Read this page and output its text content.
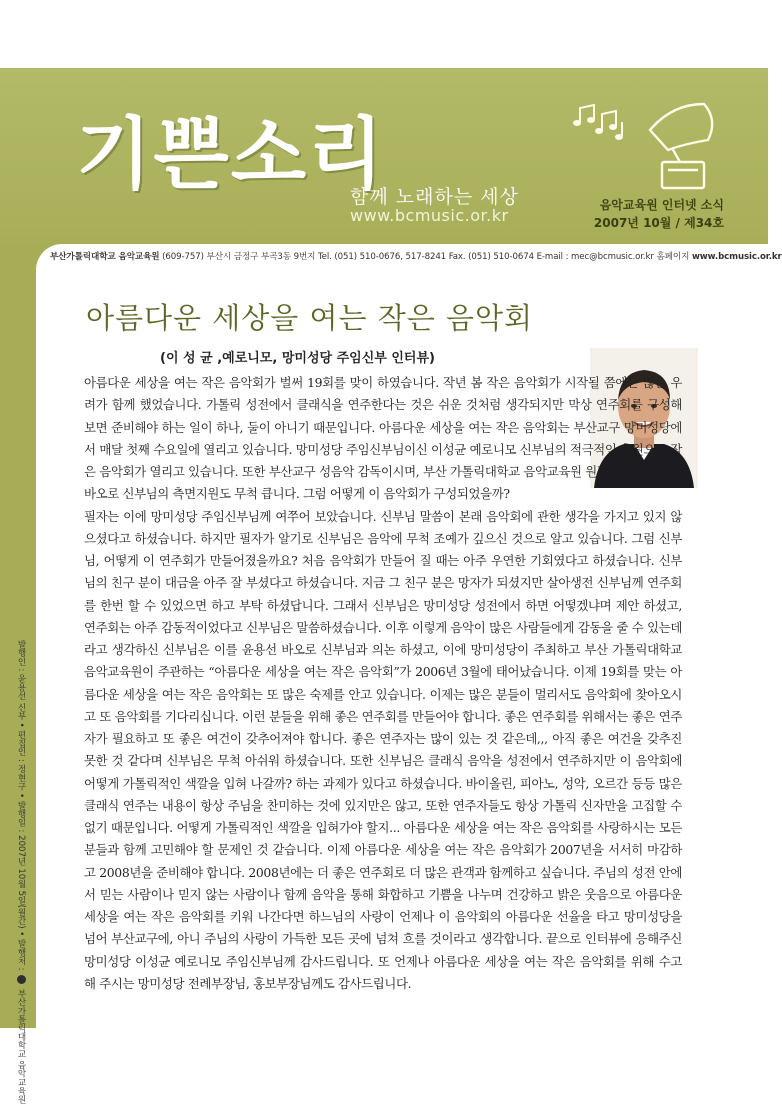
기쁜소리
함께 노래하는 세상
www.bcmusic.or.kr
음악교육원 인터넷 소식
2007년 10월 / 제34호
부산가톨릭대학교 음악교육원 (609-757) 부산시 금정구 부곡3동 9번지 Tel. (051) 510-0676, 517-8241 Fax. (051) 510-0674 E-mail : mec@bcmusic.or.kr 홈페이지 www.bcmusic.or.kr
아름다운 세상을 여는 작은 음악회
(이 성 균 ,예로니모, 망미성당 주임신부 인터뷰)

아름다운 세상을 여는 작은 음악회가 벌써 19회를 맞이 하였습니다. 작년 봄 작은 음악회가 시작될 쯤에는 많은 우려가 함께 했었습니다. 가톨릭 성전에서 클래식을 연주한다는 것은 쉬운 것처럼 생각되지만 막상 연주회를 구성해 보면 준비해야 하는 일이 하나, 둘이 아니기 때문입니다. 아름다운 세상을 여는 작은 음악회는 부산교구 망미성당에서 매달 첫째 수요일에 열리고 있습니다. 망미성당 주임신부님이신 이성균 예로니모 신부님의 적극적인 후원으로 작은 음악회가 열리고 있습니다. 또한 부산교구 성음악 감독이시며, 부산 가톨릭대학교 음악교육원 원장님이신 윤용선 바오로 신부님의 측면지원도 무척 큽니다. 그럼 어떻게 이 음악회가 구성되었을까?

필자는 이에 망미성당 주임신부님께 여쭈어 보았습니다. 신부님 말씀이 본래 음악회에 관한 생각을 가지고 있지 않으셨다고 하셨습니다. 하지만 필자가 알기로 신부님은 음악에 무척 조예가 깊으신 것으로 알고 있습니다. 그럼 신부님, 어떻게 이 연주회가 만들어졌을까요? 처음 음악회가 만들어 질 때는 아주 우연한 기회였다고 하셨습니다. 신부님의 친구 분이 대금을 아주 잘 부셨다고 하셨습니다. 지금 그 친구 분은 망자가 되셨지만 살아생전 신부님께 연주회를 한번 할 수 있었으면 하고 부탁 하셨답니다. 그래서 신부님은 망미성당 성전에서 하면 어떻겠냐며 제안 하셨고, 연주회는 아주 감동적이었다고 신부님은 말씀하셨습니다. 이후 이렇게 음악이 많은 사람들에게 감동을 줄 수 있는데 라고 생각하신 신부님은 이를 윤용선 바오로 신부님과 의논 하셨고, 이에 망미성당이 주최하고 부산 가톨릭대학교 음악교육원이 주관하는 “아름다운 세상을 여는 작은 음악회”가 2006년 3월에 태어났습니다. 이제 19회를 맞는 아름다운 세상을 여는 작은 음악회는 또 많은 숙제를 안고 있습니다. 이제는 많은 분들이 멀리서도 음악회에 찾아오시고 또 음악회를 기다리십니다. 이런 분들을 위해 좋은 연주회를 만들어야 합니다. 좋은 연주회를 위해서는 좋은 연주자가 필요하고 또 좋은 여건이 갖추어져야 합니다. 좋은 연주자는 많이 있는 것 같은데,,, 아직 좋은 여건을 갖추진 못한 것 같다며 신부님은 무척 아쉬워 하셨습니다. 또한 신부님은 클래식 음악을 성전에서 연주하지만 이 음악회에 어떻게 가톨릭적인 색깔을 입혀 나갈까? 하는 과제가 있다고 하셨습니다. 바이올린, 피아노, 성악, 오르간 등등 많은 클래식 연주는 내용이 항상 주님을 찬미하는 것에 있지만은 않고, 또한 연주자들도 항상 가톨릭 신자만을 고집할 수 없기 때문입니다. 어떻게 가톨릭적인 색깔을 입혀가야 할지... 아름다운 세상을 여는 작은 음악회를 사랑하시는 모든 분들과 함께 고민해야 할 문제인 것 같습니다. 이제 아름다운 세상을 여는 작은 음악회가 2007년을 서서히 마감하고 2008년을 준비해야 합니다. 2008년에는 더 좋은 연주회로 더 많은 관객과 함께하고 싶습니다. 주님의 성전 안에서 믿는 사람이나 믿지 않는 사람이나 함께 음악을 통해 화합하고 기쁨을 나누며 건강하고 밝은 웃음으로 아름다운 세상을 여는 작은 음악회를 키워 나간다면 하느님의 사랑이 언제나 이 음악회의 아름다운 선율을 타고 망미성당을 넘어 부산교구에, 아니 주님의 사랑이 가득한 모든 곳에 넘쳐 흐를 것이라고 생각합니다. 끝으로 인터뷰에 응해주신 망미성당 이성균 예로니모 주임신부님께 감사드립니다. 또 언제나 아름다운 세상을 여는 작은 음악회를 위해 수고 해 주시는 망미성당 전례부장님, 홍보부장님께도 감사드립니다.

발행인 : 윤용선 신부 • 편집인 : 정현구 • 발행일 : 2007년 10월 5일(월간) • 발행처 :  부산가톨릭대학교 음악교육원
